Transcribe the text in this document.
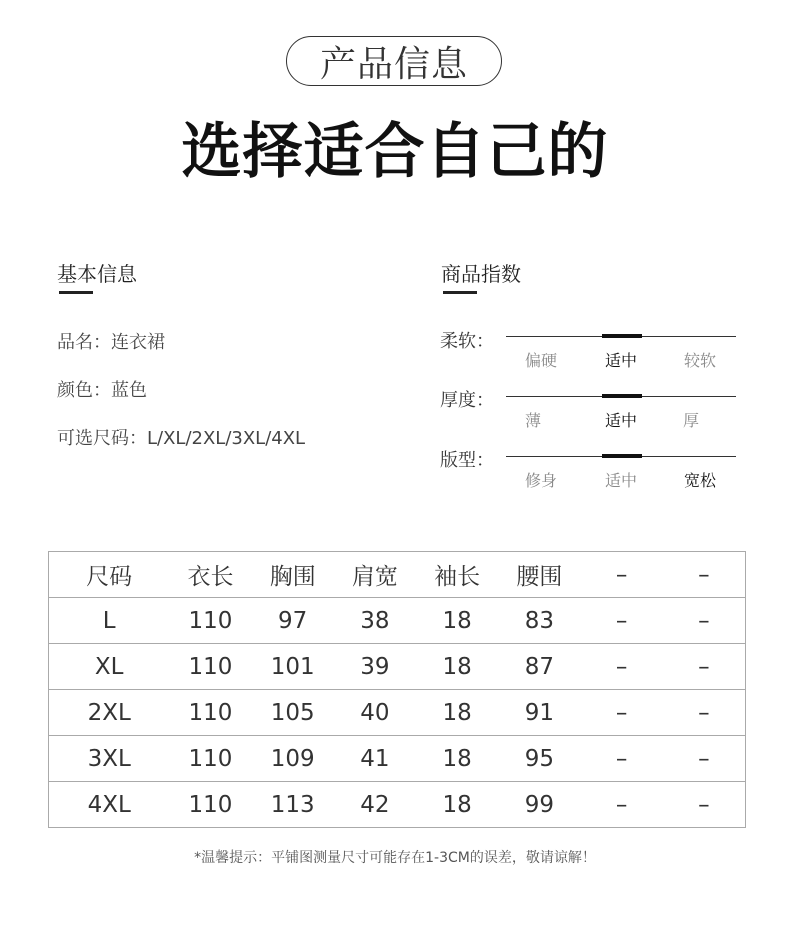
产品信息
选择适合自己的
基本信息
品名：连衣裙
颜色：蓝色
可选尺码：L/XL/2XL/3XL/4XL
商品指数
柔软：
偏硬	适中	较软
厚度：
薄	适中	厚
版型：
修身	适中	宽松
尺码	衣长	胸围	肩宽	袖长	腰围	–	–
L	110	97	38	18	83	–	–
XL	110	101	39	18	87	–	–
2XL	110	105	40	18	91	–	–
3XL	110	109	41	18	95	–	–
4XL	110	113	42	18	99	–	–
*温馨提示：平铺图测量尺寸可能存在1-3CM的误差，敬请谅解！
